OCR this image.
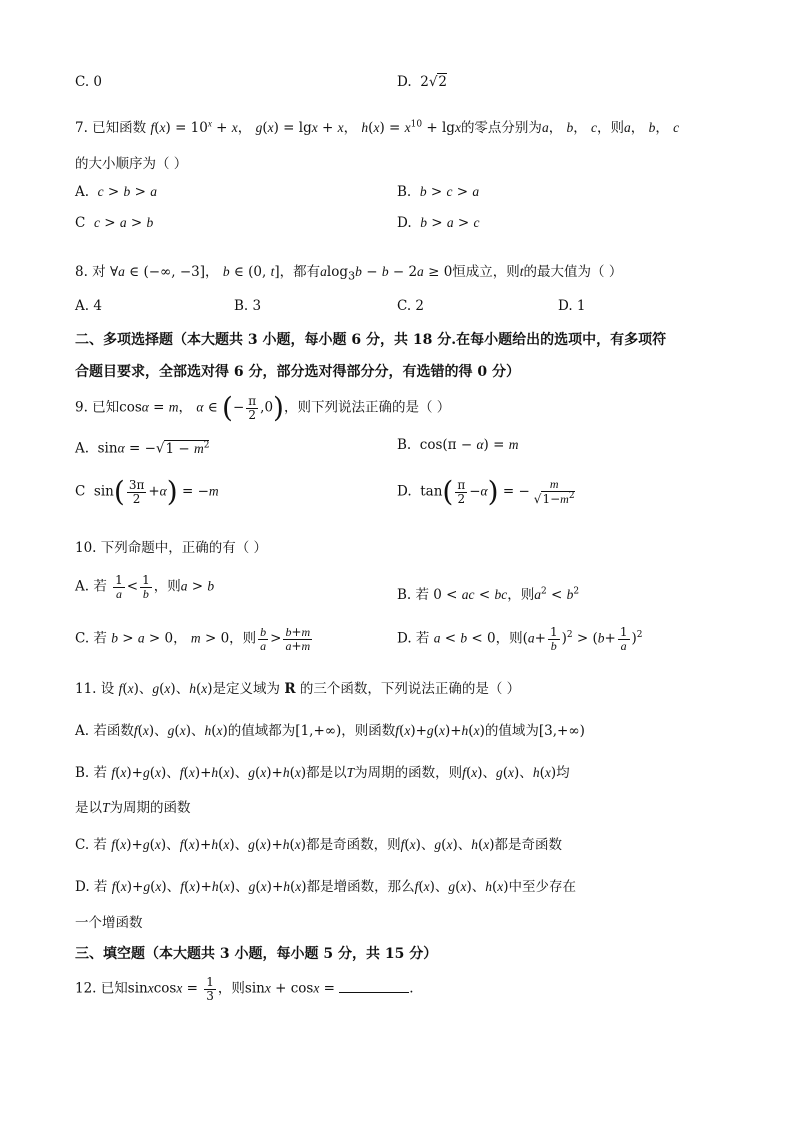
C. 0	D.  2√2
7. 已知函数 $f(x) = 10^x + x$， g(x) = lgx + x， $h(x) = x^{10} + \lg x$的零点分别为a， b， c，则a， b， c
的大小顺序为（ ）
A. c > b > a	B. b > c > a
C c > a > b	D. b > a > c
8. 对 ∀a ∈ (−∞, −3]， b ∈ (0, t]，都有alog$_3$b − b − 2a ≥ 0恒成立，则t的最大值为（ ）
A. 4	B. 3	C. 2	D. 1
二、多项选择题（本大题共 3 小题，每小题 6 分，共 18 分.在每小题给出的选项中，有多项符
合题目要求，全部选对得 6 分，部分选对得部分分，有选错的得 0 分）
9. 已知cosα = m， α ∈ (− $\frac{\pi}{2} ,0$)，则下列说法正确的是（ ）
A.  $\sin\alpha = -√1 - m^2$	B.  cos(π − α) = m
C  $\sin( \frac{3\pi}{2} +\alpha) = -m$	D.  $\tan( \frac{\pi}{2} -\alpha)$ = − $\frac{m}{√1-m^2}$
10. 下列命题中，正确的有（ ）
A. 若 $\frac{1}{a} < \frac{1}{b}$ ，则a > b
B. 若 0 < ac < bc，则$a^2 < b^2$
C. 若 b > a > 0， m > 0，则 $\frac{b}{a} > \frac{b+m}{a+m}$	D. 若 a < b < 0，则$(a+ \frac{1}{b} )^2 > (b+ \frac{1}{a} )^2$
11. 设 f(x)、g(x)、h(x)是定义域为 R 的三个函数，下列说法正确的是（ ）
A. 若函数f(x)、g(x)、h(x)的值域都为[1,+∞)，则函数f(x)+g(x)+h(x)的值域为[3,+∞)
B. 若 f(x)+g(x)、f(x)+h(x)、g(x)+h(x)都是以T为周期的函数，则f(x)、g(x)、h(x)均
是以T为周期的函数
C. 若 f(x)+g(x)、f(x)+h(x)、g(x)+h(x)都是奇函数，则f(x)、g(x)、h(x)都是奇函数
D. 若 f(x)+g(x)、f(x)+h(x)、g(x)+h(x)都是增函数，那么f(x)、g(x)、h(x)中至少存在
一个增函数
三、填空题（本大题共 3 小题，每小题 5 分，共 15 分）
12. 已知sinxcosx = $\frac{1}{3}$ ，则sinx + cosx =	.
